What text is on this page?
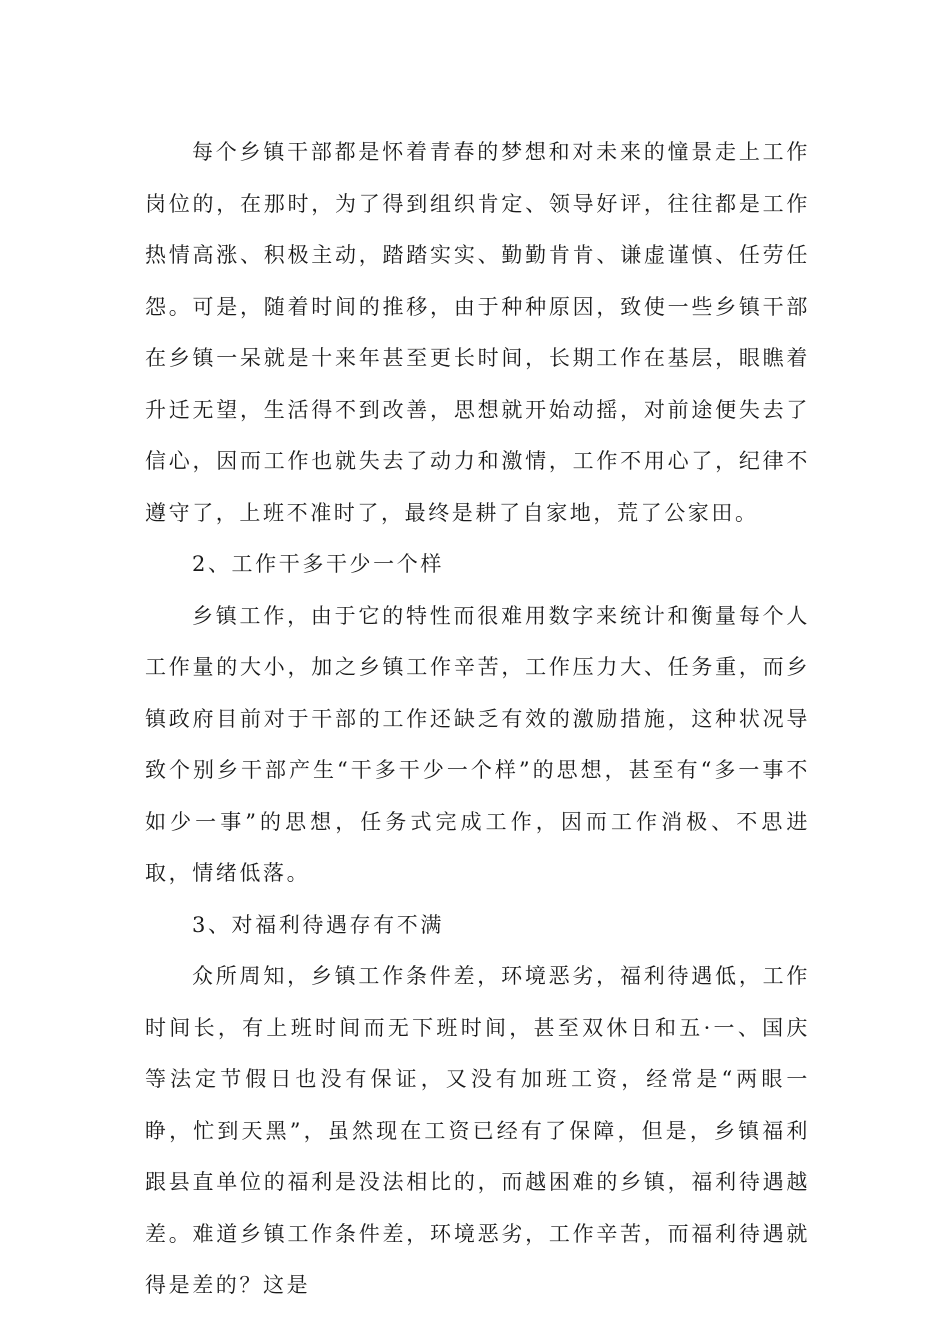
每个乡镇干部都是怀着青春的梦想和对未来的憧景走上工作岗位的，在那时，为了得到组织肯定、领导好评，往往都是工作热情高涨、积极主动，踏踏实实、勤勤肯肯、谦虚谨慎、任劳任怨。可是，随着时间的推移，由于种种原因，致使一些乡镇干部在乡镇一呆就是十来年甚至更长时间，长期工作在基层，眼瞧着升迁无望，生活得不到改善，思想就开始动摇，对前途便失去了信心，因而工作也就失去了动力和激情，工作不用心了，纪律不遵守了，上班不准时了，最终是耕了自家地，荒了公家田。

2、工作干多干少一个样

乡镇工作，由于它的特性而很难用数字来统计和衡量每个人工作量的大小，加之乡镇工作辛苦，工作压力大、任务重，而乡镇政府目前对于干部的工作还缺乏有效的激励措施，这种状况导致个别乡干部产生“干多干少一个样”的思想，甚至有“多一事不如少一事”的思想，任务式完成工作，因而工作消极、不思进取，情绪低落。

3、对福利待遇存有不满

众所周知，乡镇工作条件差，环境恶劣，福利待遇低，工作时间长，有上班时间而无下班时间，甚至双休日和五·一、国庆等法定节假日也没有保证，又没有加班工资，经常是“两眼一睁，忙到天黑”，虽然现在工资已经有了保障，但是，乡镇福利跟县直单位的福利是没法相比的，而越困难的乡镇，福利待遇越差。难道乡镇工作条件差，环境恶劣，工作辛苦，而福利待遇就得是差的？这是
